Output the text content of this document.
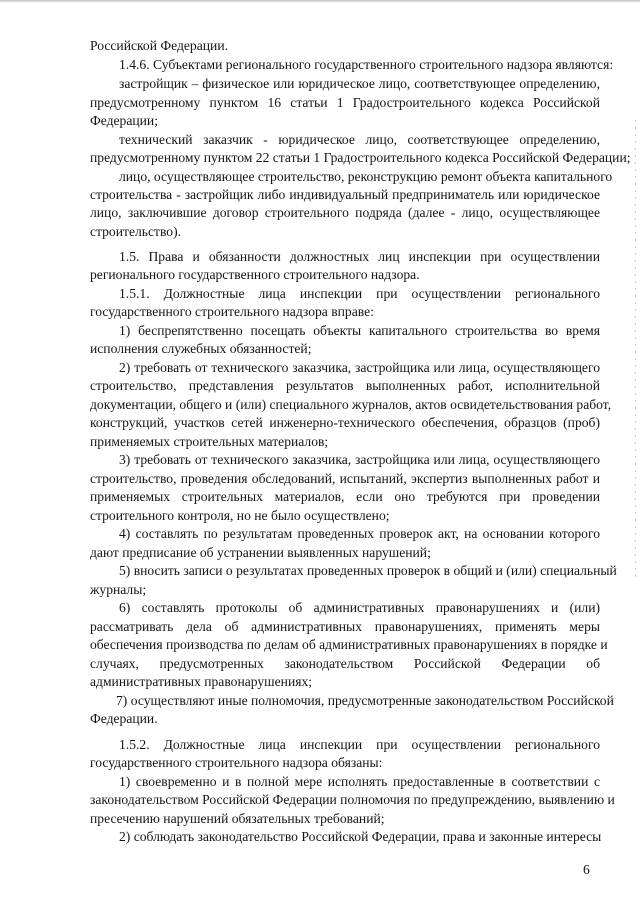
Российской Федерации.
1.4.6. Субъектами регионального государственного строительного надзора являются:
застройщик – физическое или юридическое лицо, соответствующее определению,
предусмотренному пунктом 16 статьи 1 Градостроительного кодекса Российской
Федерации;
технический заказчик - юридическое лицо, соответствующее определению,
предусмотренному пунктом 22 статьи 1 Градостроительного кодекса Российской Федерации;
лицо, осуществляющее строительство, реконструкцию ремонт объекта капитального
строительства - застройщик либо индивидуальный предприниматель или юридическое
лицо, заключившие договор строительного подряда (далее - лицо, осуществляющее
строительство).
1.5. Права и обязанности должностных лиц инспекции при осуществлении
регионального государственного строительного надзора.
1.5.1. Должностные лица инспекции при осуществлении регионального
государственного строительного надзора вправе:
1) беспрепятственно посещать объекты капитального строительства во время
исполнения служебных обязанностей;
2) требовать от технического заказчика, застройщика или лица, осуществляющего
строительство, представления результатов выполненных работ, исполнительной
документации, общего и (или) специального журналов, актов освидетельствования работ,
конструкций, участков сетей инженерно-технического обеспечения, образцов (проб)
применяемых строительных материалов;
3) требовать от технического заказчика, застройщика или лица, осуществляющего
строительство, проведения обследований, испытаний, экспертиз выполненных работ и
применяемых строительных материалов, если оно требуются при проведении
строительного контроля, но не было осуществлено;
4) составлять по результатам проведенных проверок акт, на основании которого
дают предписание об устранении выявленных нарушений;
5) вносить записи о результатах проведенных проверок в общий и (или) специальный
журналы;
6) составлять протоколы об административных правонарушениях и (или)
рассматривать дела об административных правонарушениях, применять меры
обеспечения производства по делам об административных правонарушениях в порядке и
случаях, предусмотренных законодательством Российской Федерации об
административных правонарушениях;
7) осуществляют иные полномочия, предусмотренные законодательством Российской
Федерации.
1.5.2. Должностные лица инспекции при осуществлении регионального
государственного строительного надзора обязаны:
1) своевременно и в полной мере исполнять предоставленные в соответствии с
законодательством Российской Федерации полномочия по предупреждению, выявлению и
пресечению нарушений обязательных требований;
2) соблюдать законодательство Российской Федерации, права и законные интересы
6
